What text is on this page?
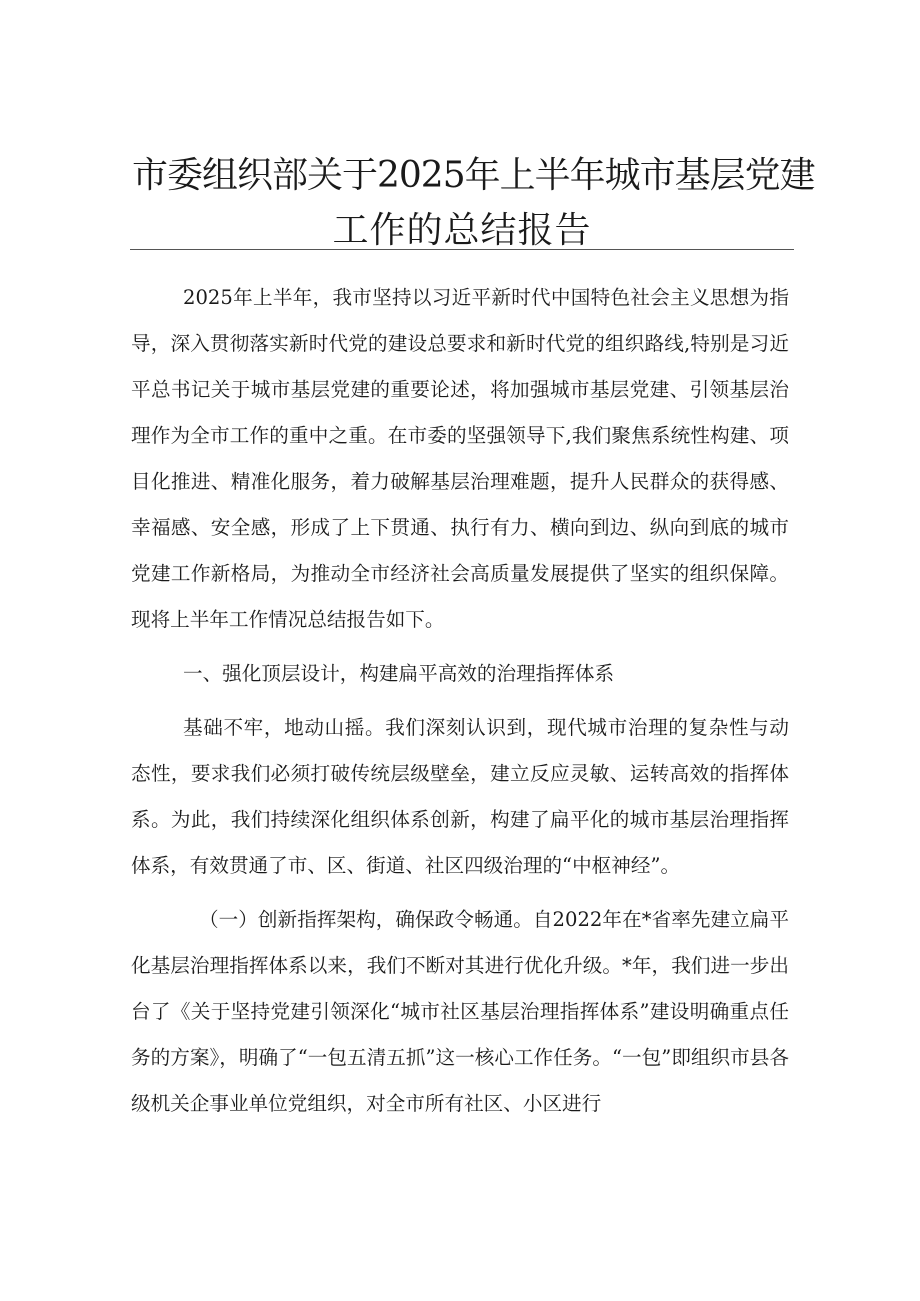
市委组织部关于2025年上半年城市基层党建
工作的总结报告

2025年上半年，我市坚持以习近平新时代中国特色社会主义思想为指导，深入贯彻落实新时代党的建设总要求和新时代党的组织路线,特别是习近平总书记关于城市基层党建的重要论述，将加强城市基层党建、引领基层治理作为全市工作的重中之重。在市委的坚强领导下,我们聚焦系统性构建、项目化推进、精准化服务，着力破解基层治理难题，提升人民群众的获得感、幸福感、安全感，形成了上下贯通、执行有力、横向到边、纵向到底的城市党建工作新格局，为推动全市经济社会高质量发展提供了坚实的组织保障。现将上半年工作情况总结报告如下。

一、强化顶层设计，构建扁平高效的治理指挥体系

基础不牢，地动山摇。我们深刻认识到，现代城市治理的复杂性与动态性，要求我们必须打破传统层级壁垒，建立反应灵敏、运转高效的指挥体系。为此，我们持续深化组织体系创新，构建了扁平化的城市基层治理指挥体系，有效贯通了市、区、街道、社区四级治理的“中枢神经”。

（一）创新指挥架构，确保政令畅通。自2022年在*省率先建立扁平化基层治理指挥体系以来，我们不断对其进行优化升级。*年，我们进一步出台了《关于坚持党建引领深化“城市社区基层治理指挥体系”建设明确重点任务的方案》，明确了“一包五清五抓”这一核心工作任务。“一包”即组织市县各级机关企事业单位党组织，对全市所有社区、小区进行
